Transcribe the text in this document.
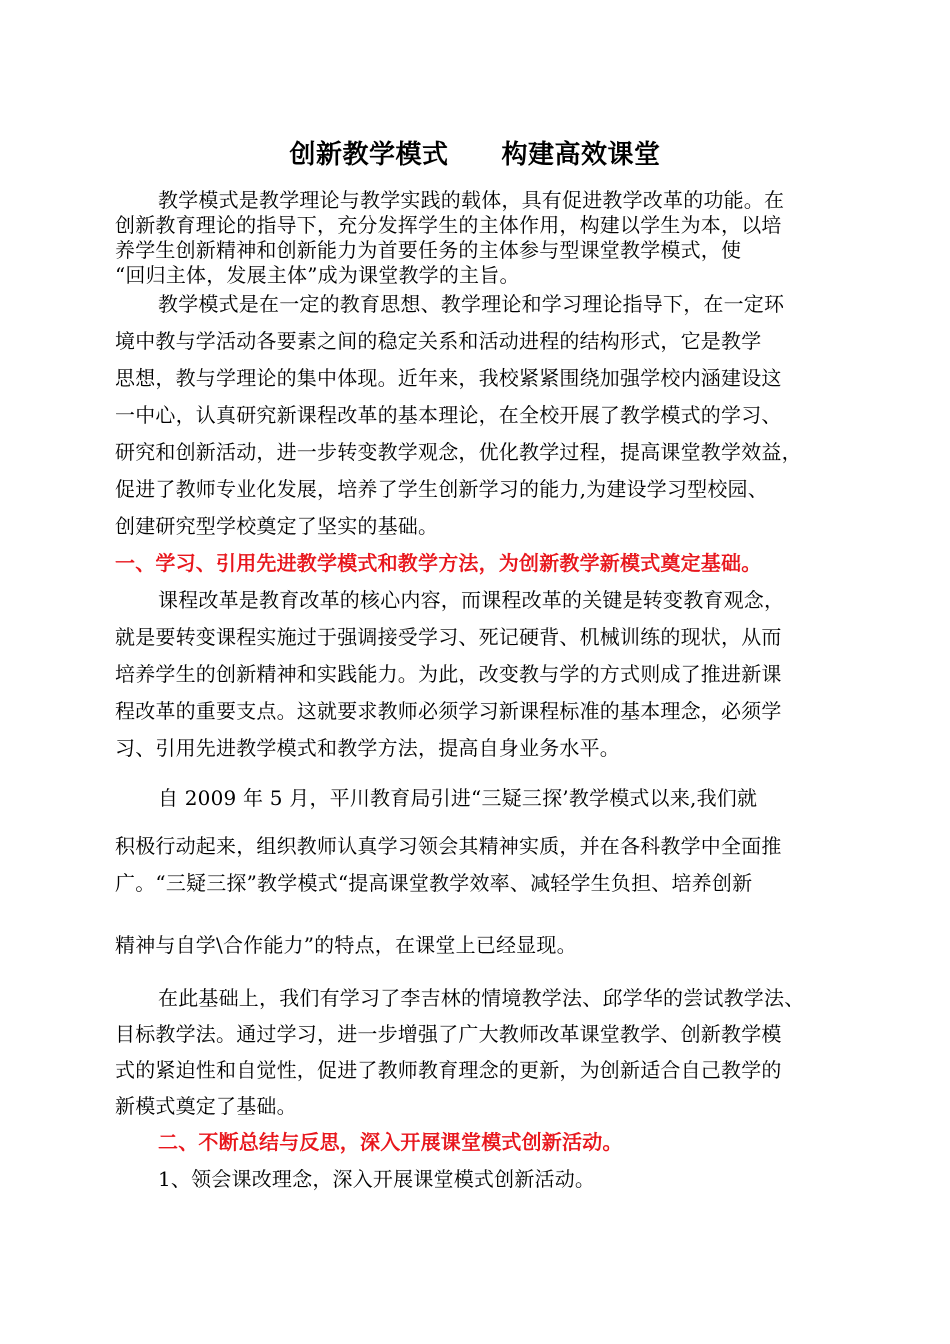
创新教学模式　　构建高效课堂
教学模式是教学理论与教学实践的载体，具有促进教学改革的功能。在
创新教育理论的指导下，充分发挥学生的主体作用，构建以学生为本，以培
养学生创新精神和创新能力为首要任务的主体参与型课堂教学模式，使
“回归主体，发展主体”成为课堂教学的主旨。
教学模式是在一定的教育思想、教学理论和学习理论指导下，在一定环
境中教与学活动各要素之间的稳定关系和活动进程的结构形式，它是教学
思想，教与学理论的集中体现。近年来，我校紧紧围绕加强学校内涵建设这
一中心，认真研究新课程改革的基本理论，在全校开展了教学模式的学习、
研究和创新活动，进一步转变教学观念，优化教学过程，提高课堂教学效益，
促进了教师专业化发展，培养了学生创新学习的能力,为建设学习型校园、
创建研究型学校奠定了坚实的基础。
一、学习、引用先进教学模式和教学方法，为创新教学新模式奠定基础。
课程改革是教育改革的核心内容，而课程改革的关键是转变教育观念，
就是要转变课程实施过于强调接受学习、死记硬背、机械训练的现状，从而
培养学生的创新精神和实践能力。为此，改变教与学的方式则成了推进新课
程改革的重要支点。这就要求教师必须学习新课程标准的基本理念，必须学
习、引用先进教学模式和教学方法，提高自身业务水平。
自 2009 年 5 月，平川教育局引进“三疑三探’教学模式以来,我们就
积极行动起来，组织教师认真学习领会其精神实质，并在各科教学中全面推
广。“三疑三探”教学模式“提高课堂教学效率、减轻学生负担、培养创新
精神与自学\合作能力”的特点，在课堂上已经显现。
在此基础上，我们有学习了李吉林的情境教学法、邱学华的尝试教学法、
目标教学法。通过学习，进一步增强了广大教师改革课堂教学、创新教学模
式的紧迫性和自觉性，促进了教师教育理念的更新，为创新适合自己教学的
新模式奠定了基础。
二、不断总结与反思，深入开展课堂模式创新活动。
1、领会课改理念，深入开展课堂模式创新活动。
